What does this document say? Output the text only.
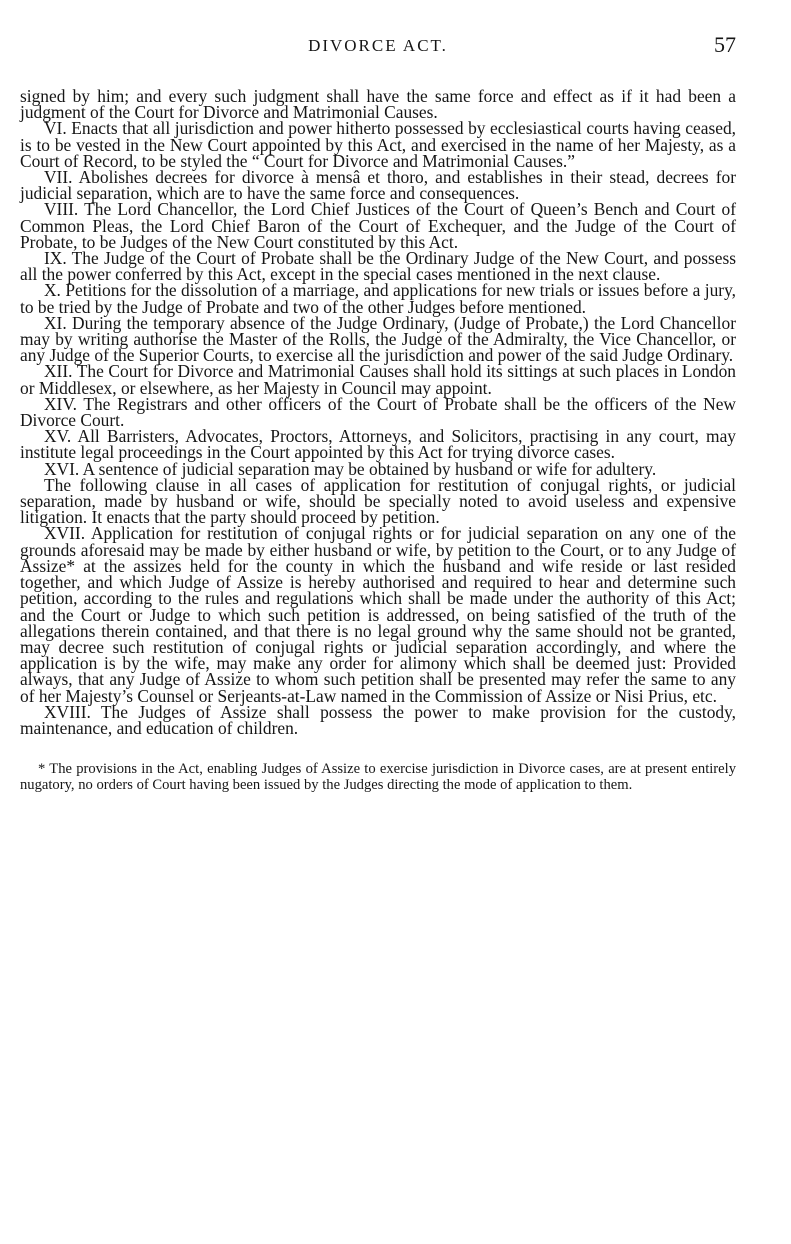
DIVORCE ACT.	57

signed by him; and every such judgment shall have the same force and effect as if it had been a judgment of the Court for Divorce and Matrimonial Causes.

VI. Enacts that all jurisdiction and power hitherto possessed by ecclesiastical courts having ceased, is to be vested in the New Court appointed by this Act, and exercised in the name of her Majesty, as a Court of Record, to be styled the “ Court for Divorce and Matrimonial Causes.”

VII. Abolishes decrees for divorce à mensâ et thoro, and establishes in their stead, decrees for judicial separation, which are to have the same force and consequences.

VIII. The Lord Chancellor, the Lord Chief Justices of the Court of Queen’s Bench and Court of Common Pleas, the Lord Chief Baron of the Court of Exchequer, and the Judge of the Court of Probate, to be Judges of the New Court constituted by this Act.

IX. The Judge of the Court of Probate shall be the Ordinary Judge of the New Court, and possess all the power conferred by this Act, except in the special cases mentioned in the next clause.

X. Petitions for the dissolution of a marriage, and applications for new trials or issues before a jury, to be tried by the Judge of Probate and two of the other Judges before mentioned.

XI. During the temporary absence of the Judge Ordinary, (Judge of Probate,) the Lord Chancellor may by writing authorise the Master of the Rolls, the Judge of the Admiralty, the Vice Chancellor, or any Judge of the Superior Courts, to exercise all the jurisdiction and power of the said Judge Ordinary.

XII. The Court for Divorce and Matrimonial Causes shall hold its sittings at such places in London or Middlesex, or elsewhere, as her Majesty in Council may appoint.

XIV. The Registrars and other officers of the Court of Probate shall be the officers of the New Divorce Court.

XV. All Barristers, Advocates, Proctors, Attorneys, and Solicitors, practising in any court, may institute legal proceedings in the Court appointed by this Act for trying divorce cases.

XVI. A sentence of judicial separation may be obtained by husband or wife for adultery.

The following clause in all cases of application for restitution of conjugal rights, or judicial separation, made by husband or wife, should be specially noted to avoid useless and expensive litigation. It enacts that the party should proceed by petition.

XVII. Application for restitution of conjugal rights or for judicial separation on any one of the grounds aforesaid may be made by either husband or wife, by petition to the Court, or to any Judge of Assize* at the assizes held for the county in which the husband and wife reside or last resided together, and which Judge of Assize is hereby authorised and required to hear and determine such petition, according to the rules and regulations which shall be made under the authority of this Act; and the Court or Judge to which such petition is addressed, on being satisfied of the truth of the allegations therein contained, and that there is no legal ground why the same should not be granted, may decree such restitution of conjugal rights or judicial separation accordingly, and where the application is by the wife, may make any order for alimony which shall be deemed just: Provided always, that any Judge of Assize to whom such petition shall be presented may refer the same to any of her Majesty’s Counsel or Serjeants-at-Law named in the Commission of Assize or Nisi Prius, etc.

XVIII. The Judges of Assize shall possess the power to make provision for the custody, maintenance, and education of children.

* The provisions in the Act, enabling Judges of Assize to exercise jurisdiction in Divorce cases, are at present entirely nugatory, no orders of Court having been issued by the Judges directing the mode of application to them.
